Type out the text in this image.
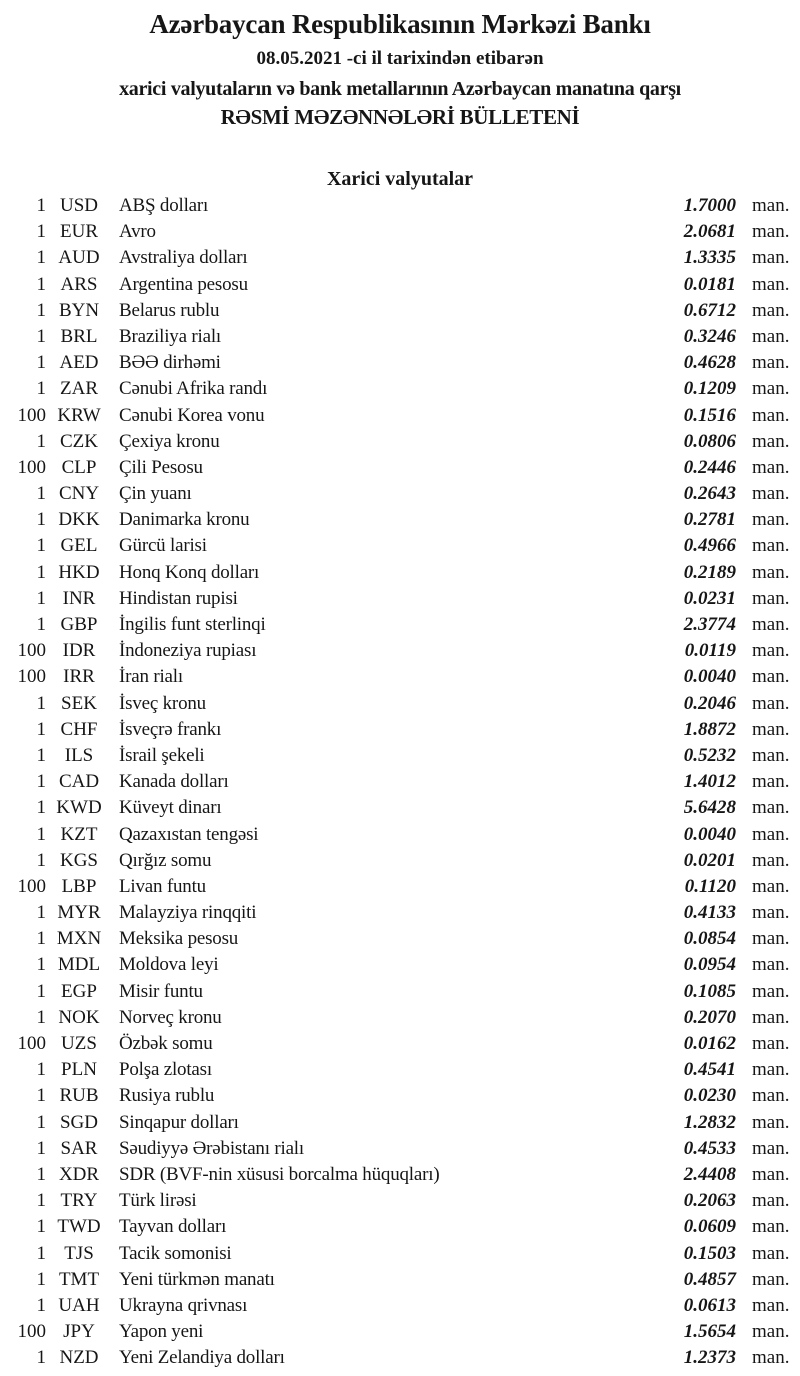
Azərbaycan Respublikasının Mərkəzi Bankı
08.05.2021 -ci il tarixindən etibarən
xarici valyutaların və bank metallarının Azərbaycan manatına qarşı
RƏSMİ MƏZƏNNƏLƏRİ BÜLLETENİ
Xarici valyutalar
1 USD	ABŞ dolları	1.7000 man.
1 EUR	Avro	2.0681 man.
1 AUD	Avstraliya dolları	1.3335 man.
1 ARS	Argentina pesosu	0.0181 man.
1 BYN	Belarus rublu	0.6712 man.
1 BRL	Braziliya rialı	0.3246 man.
1 AED	BƏƏ dirhəmi	0.4628 man.
1 ZAR	Cənubi Afrika randı	0.1209 man.
100 KRW Cənubi Korea vonu	0.1516 man.
1 CZK	Çexiya kronu	0.0806 man.
100 CLP	Çili Pesosu	0.2446 man.
1 CNY	Çin yuanı	0.2643 man.
1 DKK	Danimarka kronu	0.2781 man.
1 GEL	Gürcü larisi	0.4966 man.
1 HKD	Honq Konq dolları	0.2189 man.
1 INR	Hindistan rupisi	0.0231 man.
1 GBP	İngilis funt sterlinqi	2.3774 man.
100 IDR	İndoneziya rupiası	0.0119 man.
100 IRR	İran rialı	0.0040 man.
1 SEK	İsveç kronu	0.2046 man.
1 CHF	İsveçrə frankı	1.8872 man.
1 ILS	İsrail şekeli	0.5232 man.
1 CAD	Kanada dolları	1.4012 man.
1 KWD Küveyt dinarı	5.6428 man.
1 KZT	Qazaxıstan tengəsi	0.0040 man.
1 KGS	Qırğız somu	0.0201 man.
100 LBP	Livan funtu	0.1120 man.
1 MYR Malayziya rinqqiti	0.4133 man.
1 MXN Meksika pesosu	0.0854 man.
1 MDL Moldova leyi	0.0954 man.
1 EGP	Misir funtu	0.1085 man.
1 NOK	Norveç kronu	0.2070 man.
100 UZS	Özbək somu	0.0162 man.
1 PLN	Polşa zlotası	0.4541 man.
1 RUB	Rusiya rublu	0.0230 man.
1 SGD	Sinqapur dolları	1.2832 man.
1 SAR	Səudiyyə Ərəbistanı rialı	0.4533 man.
1 XDR	SDR (BVF-nin xüsusi borcalma hüquqları)	2.4408 man.
1 TRY	Türk lirəsi	0.2063 man.
1 TWD Tayvan dolları	0.0609 man.
1 TJS	Tacik somonisi	0.1503 man.
1 TMT	Yeni türkmən manatı	0.4857 man.
1 UAH	Ukrayna qrivnası	0.0613 man.
100 JPY	Yapon yeni	1.5654 man.
1 NZD	Yeni Zelandiya dolları	1.2373 man.
